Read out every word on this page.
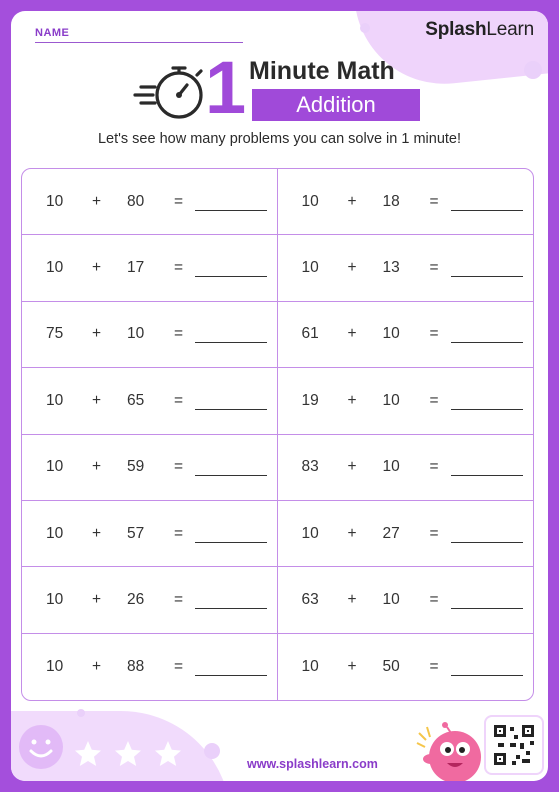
NAME	SplashLearn
1 Minute Math
Addition
Let's see how many problems you can solve in 1 minute!
10 + 80 =	10 + 18 =
10 + 17 =	10 + 13 =
75 + 10 =	61 + 10 =
10 + 65 =	19 + 10 =
10 + 59 =	83 + 10 =
10 + 57 =	10 + 27 =
10 + 26 =	63 + 10 =
10 + 88 =	10 + 50 =
www.splashlearn.com
